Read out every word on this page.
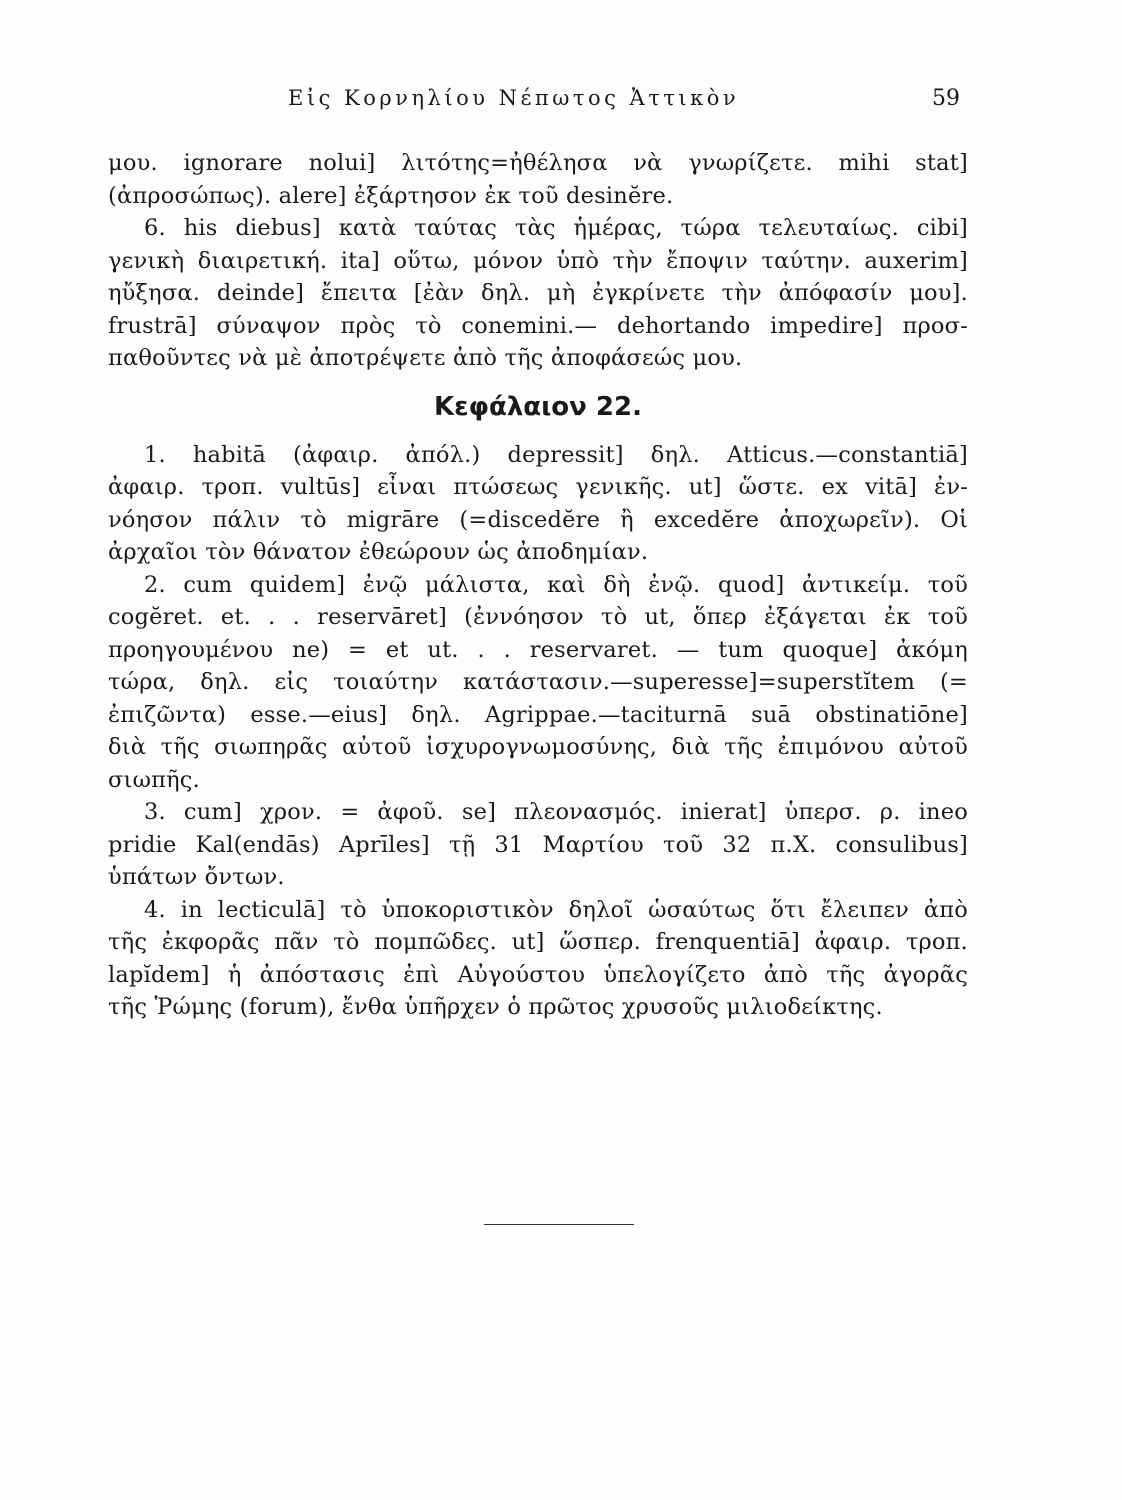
Εἰς Κορνηλίου Νέπωτος Ἀττικὸν	59
μου. ignorare nolui] λιτότης=ἠθέλησα νὰ γνωρίζετε. mihi stat]
(ἀπροσώπως). alere] ἐξάρτησον ἐκ τοῦ desinĕre.
6. his diebus] κατὰ ταύτας τὰς ἡμέρας, τώρα τελευταίως. cibi]
γενικὴ διαιρετική. ita] οὕτω, μόνον ὑπὸ τὴν ἔποψιν ταύτην. auxerim]
ηὔξησα. deinde] ἔπειτα [ἐὰν δηλ. μὴ ἐγκρίνετε τὴν ἀπόφασίν μου].
frustrā] σύναψον πρὸς τὸ conemini.— dehortando impedire] προσ-
παθοῦντες νὰ μὲ ἀποτρέψετε ἀπὸ τῆς ἀποφάσεώς μου.
Κεφάλαιον 22.
1. habitā (ἀφαιρ. ἀπόλ.) depressit] δηλ. Atticus.—constantiā]
ἀφαιρ. τροπ. vultūs] εἶναι πτώσεως γενικῆς. ut] ὥστε. ex vitā] ἐν-
νόησον πάλιν τὸ migrāre (=discedĕre ἢ excedĕre ἀποχωρεῖν). Οἱ
ἀρχαῖοι τὸν θάνατον ἐθεώρουν ὡς ἀποδημίαν.
2. cum quidem] ἐνῷ μάλιστα, καὶ δὴ ἐνῷ. quod] ἀντικείμ. τοῦ
cogĕret. et. . . reservāret] (ἐννόησον τὸ ut, ὅπερ ἐξάγεται ἐκ τοῦ
προηγουμένου ne) = et ut. . . reservaret. — tum quoque] ἀκόμη
τώρα, δηλ. εἰς τοιαύτην κατάστασιν.—superesse]=superstĭtem (=
ἐπιζῶντα) esse.—eius] δηλ. Agrippae.—taciturnā suā obstinatiōne]
διὰ τῆς σιωπηρᾶς αὐτοῦ ἰσχυρογνωμοσύνης, διὰ τῆς ἐπιμόνου αὐτοῦ
σιωπῆς.
3. cum] χρον. = ἀφοῦ. se] πλεονασμός. inierat] ὑπερσ. ρ. ineo
pridie Kal(endās) Aprīles] τῇ 31 Μαρτίου τοῦ 32 π.Χ. consulibus]
ὑπάτων ὄντων.
4. in lecticulā] τὸ ὑποκοριστικὸν δηλοῖ ὡσαύτως ὅτι ἔλειπεν ἀπὸ
τῆς ἐκφορᾶς πᾶν τὸ πομπῶδες. ut] ὥσπερ. frenquentiā] ἀφαιρ. τροπ.
lapĭdem] ἡ ἀπόστασις ἐπὶ Αὐγούστου ὑπελογίζετο ἀπὸ τῆς ἀγορᾶς
τῆς Ῥώμης (forum), ἔνθα ὑπῆρχεν ὁ πρῶτος χρυσοῦς μιλιοδείκτης.
